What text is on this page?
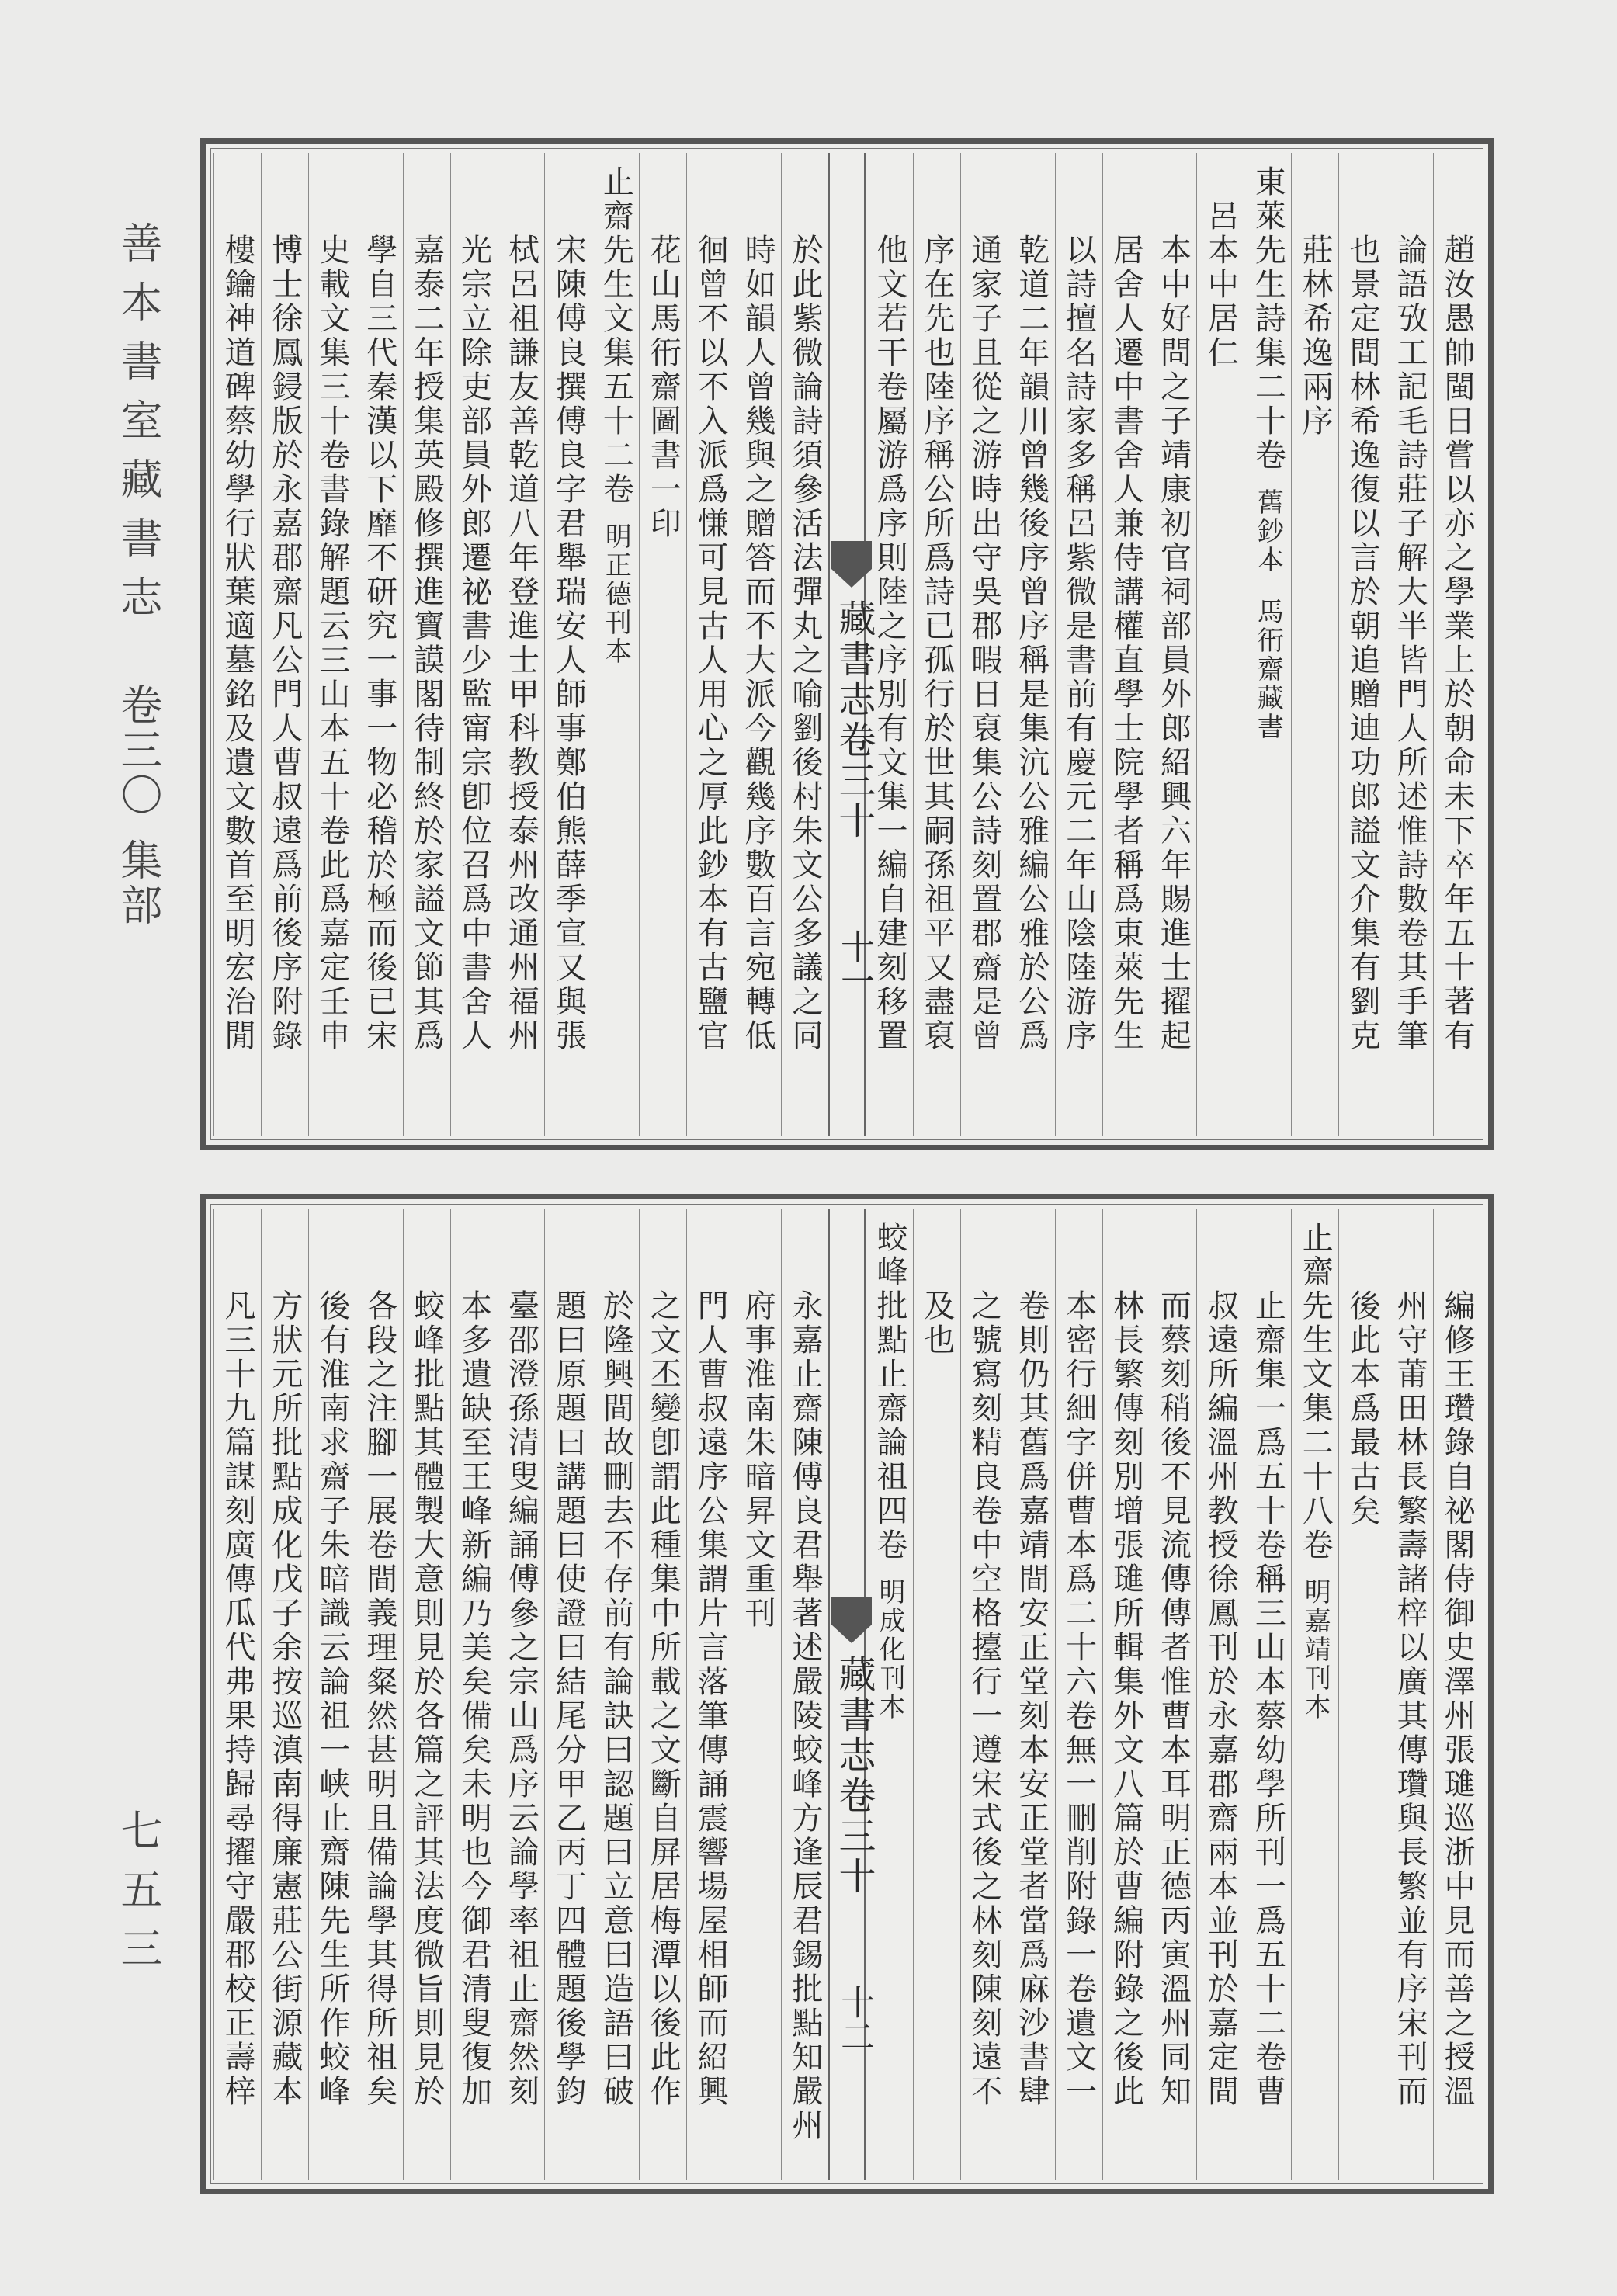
善本書室藏書志
卷三〇
集部
七五三
趙汝愚帥閩日嘗以亦之學業上於朝命未下卒年五十著有
論語攷工記毛詩莊子解大半皆門人所述惟詩數卷其手筆
也景定間林希逸復以言於朝追贈迪功郎謚文介集有劉克
莊林希逸兩序
東萊先生詩集二十卷舊鈔本馬衎齋藏書
呂本中居仁
本中好問之子靖康初官祠部員外郎紹興六年賜進士擢起
居舍人遷中書舍人兼侍講權直學士院學者稱爲東萊先生
以詩擅名詩家多稱呂紫微是書前有慶元二年山陰陸游序
乾道二年韻川曾幾後序曾序稱是集沆公雅編公雅於公爲
通家子且從之游時出守吳郡暇日裒集公詩刻置郡齋是曾
序在先也陸序稱公所爲詩已孤行於世其嗣孫祖平又盡裒
他文若干卷屬游爲序則陸之序別有文集一編自建刻移置
藏書志卷三十
十一
於此紫微論詩須參活法彈丸之喻劉後村朱文公多議之同
時如韻人曾幾與之贈答而不大派今觀幾序數百言宛轉低
徊曾不以不入派爲慊可見古人用心之厚此鈔本有古鹽官
花山馬衎齋圖書一印
止齋先生文集五十二卷明正德刊本
宋陳傅良撰傅良字君舉瑞安人師事鄭伯熊薛季宣又與張
栻呂祖謙友善乾道八年登進士甲科教授泰州改通州福州
光宗立除吏部員外郎遷祕書少監甯宗卽位召爲中書舍人
嘉泰二年授集英殿修撰進寶謨閣待制終於家謚文節其爲
學自三代秦漢以下靡不研究一事一物必稽於極而後已宋
史載文集三十卷書錄解題云三山本五十卷此爲嘉定壬申
博士徐鳳鋟版於永嘉郡齋凡公門人曹叔遠爲前後序附錄
樓鑰神道碑蔡幼學行狀葉適墓銘及遺文數首至明宏治閒
編修王瓚錄自祕閣侍御史澤州張璡巡浙中見而善之授溫
州守莆田林長繁壽諸梓以廣其傳瓚與長繁並有序宋刊而
後此本爲最古矣
止齋先生文集二十八卷明嘉靖刊本
止齋集一爲五十卷稱三山本蔡幼學所刊一爲五十二卷曹
叔遠所編溫州教授徐鳳刊於永嘉郡齋兩本並刊於嘉定間
而蔡刻稍後不見流傳傳者惟曹本耳明正德丙寅溫州同知
林長繁傳刻別增張璡所輯集外文八篇於曹編附錄之後此
本密行細字併曹本爲二十六卷無一刪削附錄一卷遺文一
卷則仍其舊爲嘉靖間安正堂刻本安正堂者當爲麻沙書肆
之號寫刻精良卷中空格擡行一遵宋式後之林刻陳刻遠不
及也
蛟峰批點止齋論祖四卷明成化刊本
藏書志卷三十
十二
永嘉止齋陳傅良君舉著述嚴陵蛟峰方逢辰君錫批點知嚴州
府事淮南朱暗昇文重刊
門人曹叔遠序公集謂片言落筆傳誦震響場屋相師而紹興
之文丕變卽謂此種集中所載之文斷自屏居梅潭以後此作
於隆興間故刪去不存前有論訣曰認題曰立意曰造語曰破
題曰原題曰講題曰使證曰結尾分甲乙丙丁四體題後學鈞
臺邵澄孫清叟編誦傅參之宗山爲序云論學率祖止齋然刻
本多遺缺至王峰新編乃美矣備矣未明也今御君清叟復加
蛟峰批點其體製大意則見於各篇之評其法度微旨則見於
各段之注腳一展卷間義理粲然甚明且備論學其得所祖矣
後有淮南求齋子朱暗識云論祖一峡止齋陳先生所作蛟峰
方狀元所批點成化戊子余按巡滇南得廉憲莊公街源藏本
凡三十九篇謀刻廣傳瓜代弗果持歸尋擢守嚴郡校正壽梓
